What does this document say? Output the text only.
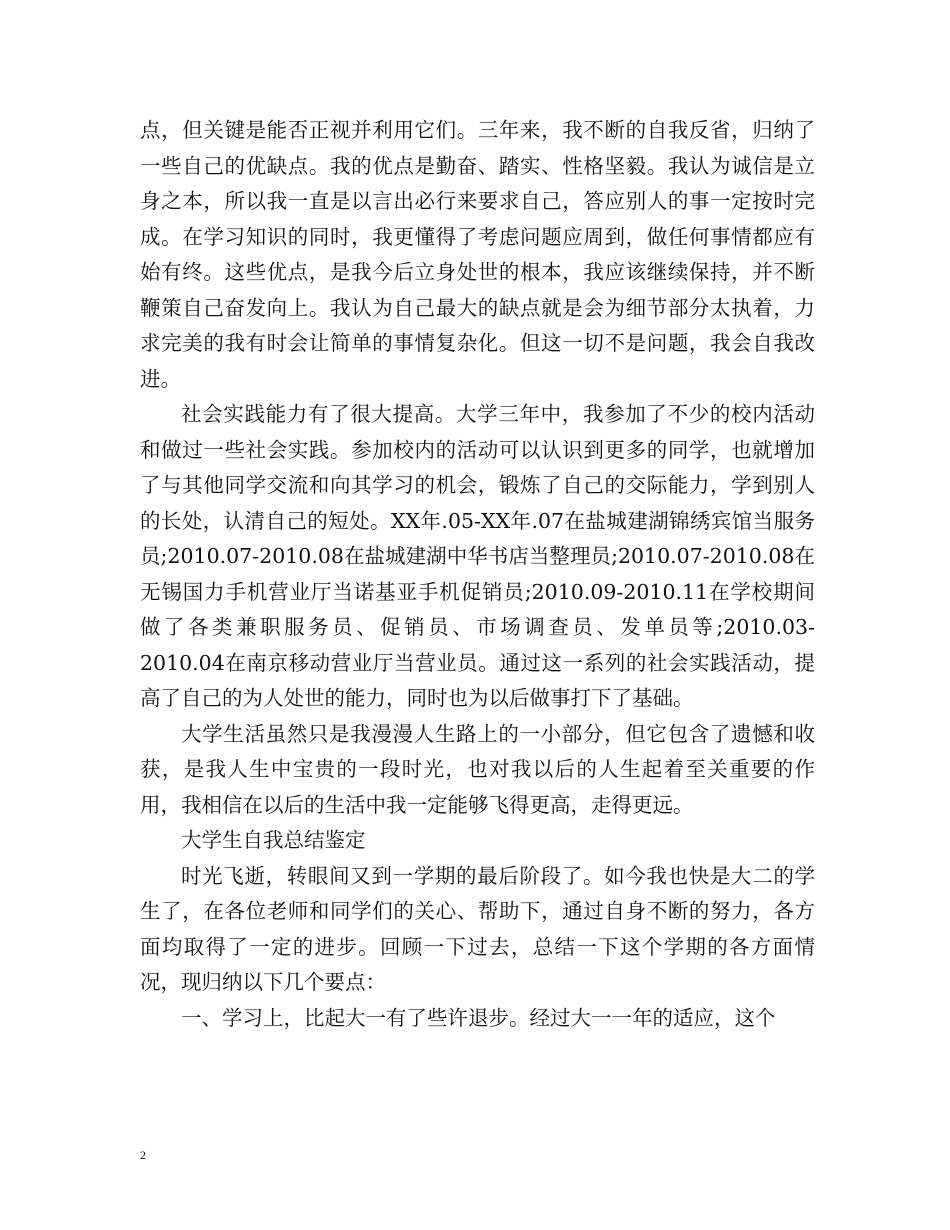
点，但关键是能否正视并利用它们。三年来，我不断的自我反省，归纳了一些自己的优缺点。我的优点是勤奋、踏实、性格坚毅。我认为诚信是立身之本，所以我一直是以言出必行来要求自己，答应别人的事一定按时完成。在学习知识的同时，我更懂得了考虑问题应周到，做任何事情都应有始有终。这些优点，是我今后立身处世的根本，我应该继续保持，并不断鞭策自己奋发向上。我认为自己最大的缺点就是会为细节部分太执着，力求完美的我有时会让简单的事情复杂化。但这一切不是问题，我会自我改进。

社会实践能力有了很大提高。大学三年中，我参加了不少的校内活动和做过一些社会实践。参加校内的活动可以认识到更多的同学，也就增加了与其他同学交流和向其学习的机会，锻炼了自己的交际能力，学到别人的长处，认清自己的短处。XX年.05-XX年.07在盐城建湖锦绣宾馆当服务员;2010.07-2010.08在盐城建湖中华书店当整理员;2010.07-2010.08在无锡国力手机营业厅当诺基亚手机促销员;2010.09-2010.11在学校期间做了各类兼职服务员、促销员、市场调查员、发单员等;2010.03-2010.04在南京移动营业厅当营业员。通过这一系列的社会实践活动，提高了自己的为人处世的能力，同时也为以后做事打下了基础。

大学生活虽然只是我漫漫人生路上的一小部分，但它包含了遗憾和收获，是我人生中宝贵的一段时光，也对我以后的人生起着至关重要的作用，我相信在以后的生活中我一定能够飞得更高，走得更远。

大学生自我总结鉴定

时光飞逝，转眼间又到一学期的最后阶段了。如今我也快是大二的学生了，在各位老师和同学们的关心、帮助下，通过自身不断的努力，各方面均取得了一定的进步。回顾一下过去，总结一下这个学期的各方面情况，现归纳以下几个要点：

一、学习上，比起大一有了些许退步。经过大一一年的适应，这个

2
